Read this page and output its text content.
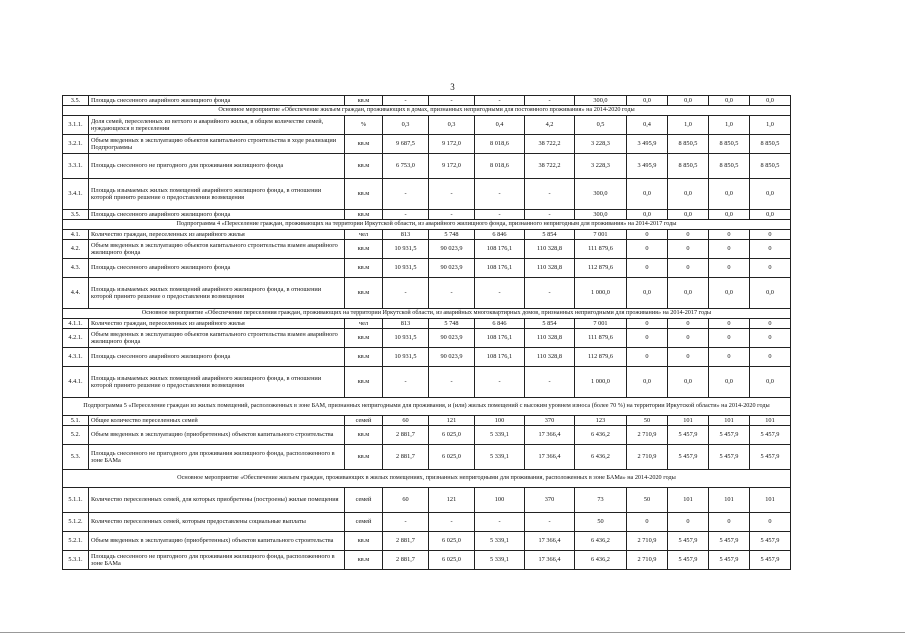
3
3.5.	Площадь снесенного аварийного жилищного фонда	кв.м	-	-	-	-	300,0	0,0	0,0	0,0	0,0
Основное мероприятие «Обеспечение жильем граждан, проживающих в домах, признанных непригодными для постоянного проживания» на 2014-2020 годы											
3.1.1.	Доля семей, переселенных из ветхого и аварийного жилья, в общем количестве семей, нуждающихся в переселении	%	0,3	0,3	0,4	4,2	0,5	0,4	1,0	1,0	1,0
3.2.1.	Объем введенных в эксплуатацию объектов капитального строительства в ходе реализации Подпрограммы	кв.м	9 687,5	9 172,0	8 018,6	38 722,2	3 228,3	3 495,9	8 850,5	8 850,5	8 850,5
3.3.1.	Площадь снесенного не пригодного для проживания жилищного фонда	кв.м	6 753,0	9 172,0	8 018,6	38 722,2	3 228,3	3 495,9	8 850,5	8 850,5	8 850,5
3.4.1.	Площадь изымаемых жилых помещений аварийного жилищного фонда, в отношении которой принято решение о предоставлении возмещения	кв.м	-	-	-	-	300,0	0,0	0,0	0,0	0,0
3.5.	Площадь снесенного аварийного жилищного фонда	кв.м	-	-	-	-	300,0	0,0	0,0	0,0	0,0
Подпрограмма 4 «Переселение граждан, проживающих на территории Иркутской области, из аварийного жилищного фонда, признанного непригодным для проживания» на 2014-2017 годы											
4.1.	Количество граждан, переселенных из аварийного жилья	чел	813	5 748	6 846	5 854	7 001	0	0	0	0
4.2.	Объем введенных в эксплуатацию объектов капитального строительства взамен аварийного жилищного фонда	кв.м	10 931,5	90 023,9	108 176,1	110 328,8	111 879,6	0	0	0	0
4.3.	Площадь снесенного аварийного жилищного фонда	кв.м	10 931,5	90 023,9	108 176,1	110 328,8	112 879,6	0	0	0	0
4.4.	Площадь изымаемых жилых помещений аварийного жилищного фонда, в отношении которой принято решение о предоставлении возмещения	кв.м	-	-	-	-	1 000,0	0,0	0,0	0,0	0,0
Основное мероприятие «Обеспечение переселения граждан, проживающих на территории Иркутской области, из аварийных многоквартирных домов, признанных непригодными для проживания» на 2014-2017 годы											
4.1.1.	Количество граждан, переселенных из аварийного жилья	чел	813	5 748	6 846	5 854	7 001	0	0	0	0
4.2.1.	Объем введенных в эксплуатацию объектов капитального строительства взамен аварийного жилищного фонда	кв.м	10 931,5	90 023,9	108 176,1	110 328,8	111 879,6	0	0	0	0
4.3.1.	Площадь снесенного аварийного жилищного фонда	кв.м	10 931,5	90 023,9	108 176,1	110 328,8	112 879,6	0	0	0	0
4.4.1.	Площадь изымаемых жилых помещений аварийного жилищного фонда, в отношении которой принято решение о предоставлении возмещения	кв.м	-	-	-	-	1 000,0	0,0	0,0	0,0	0,0
Подпрограмма 5 «Переселение граждан из жилых помещений, расположенных в зоне БАМ, признанных непригодными для проживания, и (или) жилых помещений с высоким уровнем износа (более 70 %) на территории Иркутской области» на 2014-2020 годы											
5.1.	Общее количество переселенных семей	семей	60	121	100	370	123	50	101	101	101
5.2.	Объем введенных в эксплуатацию (приобретенных) объектов капитального строительства	кв.м	2 881,7	6 025,0	5 339,1	17 366,4	6 436,2	2 710,9	5 457,9	5 457,9	5 457,9
5.3.	Площадь снесенного не пригодного для проживания жилищного фонда, расположенного в зоне БАМа	кв.м	2 881,7	6 025,0	5 339,1	17 366,4	6 436,2	2 710,9	5 457,9	5 457,9	5 457,9
Основное мероприятие «Обеспечение жильем граждан, проживающих в жилых помещениях, признанных непригодными для проживания, расположенных в зоне БАМа» на 2014-2020 годы											
5.1.1.	Количество переселенных семей, для которых приобретены (построены) жилые помещения	семей	60	121	100	370	73	50	101	101	101
5.1.2.	Количество переселенных семей, которым предоставлены социальные выплаты	семей	-	-	-	-	50	0	0	0	0
5.2.1.	Объем введенных в эксплуатацию (приобретенных) объектов капитального строительства	кв.м	2 881,7	6 025,0	5 339,1	17 366,4	6 436,2	2 710,9	5 457,9	5 457,9	5 457,9
5.3.1.	Площадь снесенного не пригодного для проживания жилищного фонда, расположенного в зоне БАМа	кв.м	2 881,7	6 025,0	5 339,1	17 366,4	6 436,2	2 710,9	5 457,9	5 457,9	5 457,9
